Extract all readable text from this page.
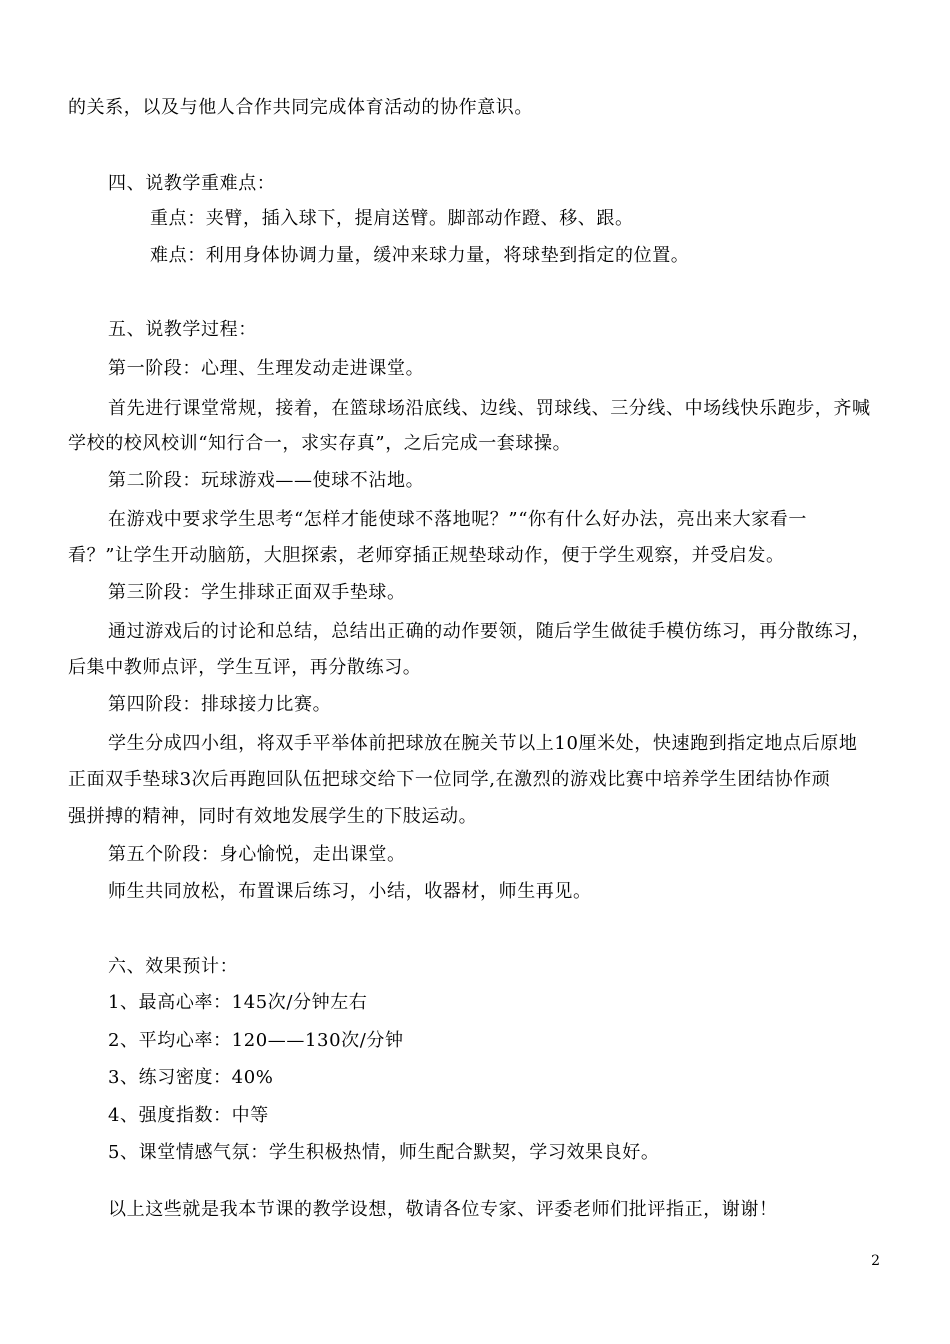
的关系，以及与他人合作共同完成体育活动的协作意识。
四、说教学重难点：
重点：夹臂，插入球下，提肩送臂。脚部动作蹬、移、跟。
难点：利用身体协调力量，缓冲来球力量，将球垫到指定的位置。
五、说教学过程：
第一阶段：心理、生理发动走进课堂。
首先进行课堂常规，接着，在篮球场沿底线、边线、罚球线、三分线、中场线快乐跑步，齐喊
学校的校风校训“知行合一，求实存真”，之后完成一套球操。
第二阶段：玩球游戏——使球不沾地。
在游戏中要求学生思考“怎样才能使球不落地呢？”“你有什么好办法，亮出来大家看一
看？”让学生开动脑筋，大胆探索，老师穿插正规垫球动作，便于学生观察，并受启发。
第三阶段：学生排球正面双手垫球。
通过游戏后的讨论和总结，总结出正确的动作要领，随后学生做徒手模仿练习，再分散练习，
后集中教师点评，学生互评，再分散练习。
第四阶段：排球接力比赛。
学生分成四小组，将双手平举体前把球放在腕关节以上10厘米处，快速跑到指定地点后原地
正面双手垫球3次后再跑回队伍把球交给下一位同学,在激烈的游戏比赛中培养学生团结协作顽
强拼搏的精神，同时有效地发展学生的下肢运动。
第五个阶段：身心愉悦，走出课堂。
师生共同放松，布置课后练习，小结，收器材，师生再见。
六、效果预计：
1、最高心率：145次/分钟左右
2、平均心率：120——130次/分钟
3、练习密度：40%
4、强度指数：中等
5、课堂情感气氛：学生积极热情，师生配合默契，学习效果良好。
以上这些就是我本节课的教学设想，敬请各位专家、评委老师们批评指正，谢谢！
2
